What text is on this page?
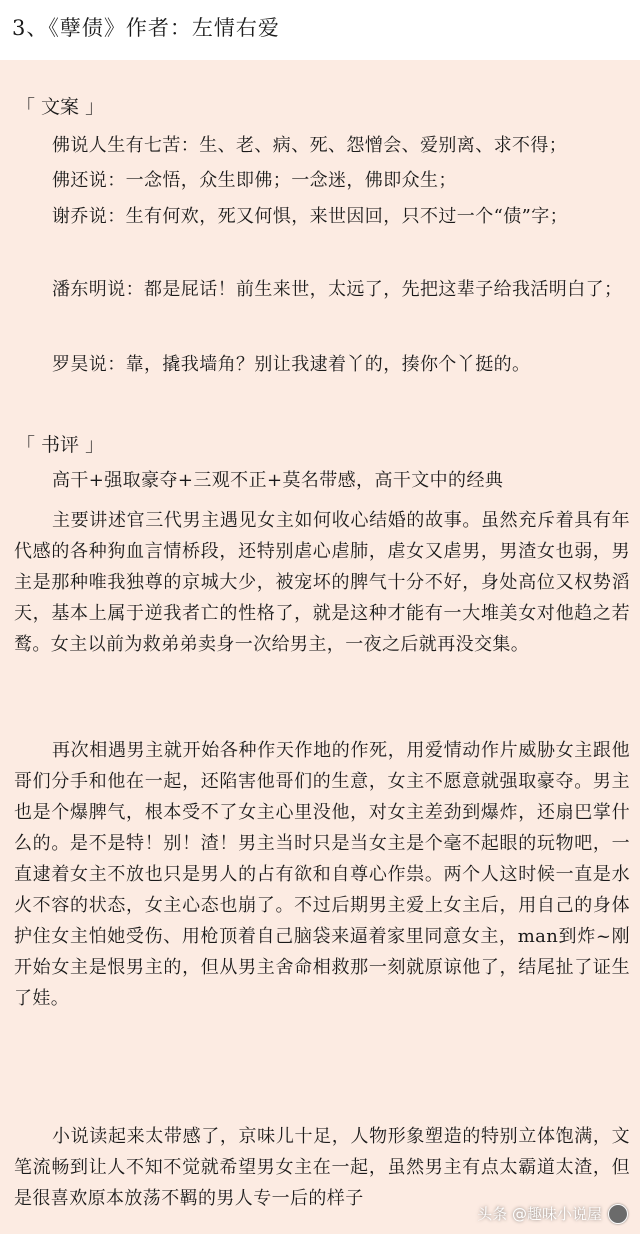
3、《孽债》作者：左情右爱
「 文案 」

佛说人生有七苦：生、老、病、死、怨憎会、爱别离、求不得；

佛还说：一念悟，众生即佛；一念迷，佛即众生；

谢乔说：生有何欢，死又何惧，来世因回，只不过一个“债”字；

潘东明说：都是屁话！前生来世，太远了，先把这辈子给我活明白了；

罗昊说：靠，撬我墙角？别让我逮着丫的，揍你个丫挺的。

「 书评 」

高干+强取豪夺+三观不正+莫名带感，高干文中的经典

主要讲述官三代男主遇见女主如何收心结婚的故事。虽然充斥着具有年代感的各种狗血言情桥段，还特别虐心虐肺，虐女又虐男，男渣女也弱，男主是那种唯我独尊的京城大少，被宠坏的脾气十分不好，身处高位又权势滔天，基本上属于逆我者亡的性格了，就是这种才能有一大堆美女对他趋之若鹜。女主以前为救弟弟卖身一次给男主，一夜之后就再没交集。

再次相遇男主就开始各种作天作地的作死，用爱情动作片威胁女主跟他哥们分手和他在一起，还陷害他哥们的生意，女主不愿意就强取豪夺。男主也是个爆脾气，根本受不了女主心里没他，对女主差劲到爆炸，还扇巴掌什么的。是不是特！别！渣！男主当时只是当女主是个毫不起眼的玩物吧，一直逮着女主不放也只是男人的占有欲和自尊心作祟。两个人这时候一直是水火不容的状态，女主心态也崩了。不过后期男主爱上女主后，用自己的身体护住女主怕她受伤、用枪顶着自己脑袋来逼着家里同意女主，man到炸~刚开始女主是恨男主的，但从男主舍命相救那一刻就原谅他了，结尾扯了证生了娃。

小说读起来太带感了，京味儿十足，人物形象塑造的特别立体饱满，文笔流畅到让人不知不觉就希望男女主在一起，虽然男主有点太霸道太渣，但是很喜欢原本放荡不羁的男人专一后的样子

头条 @趣味小说屋
